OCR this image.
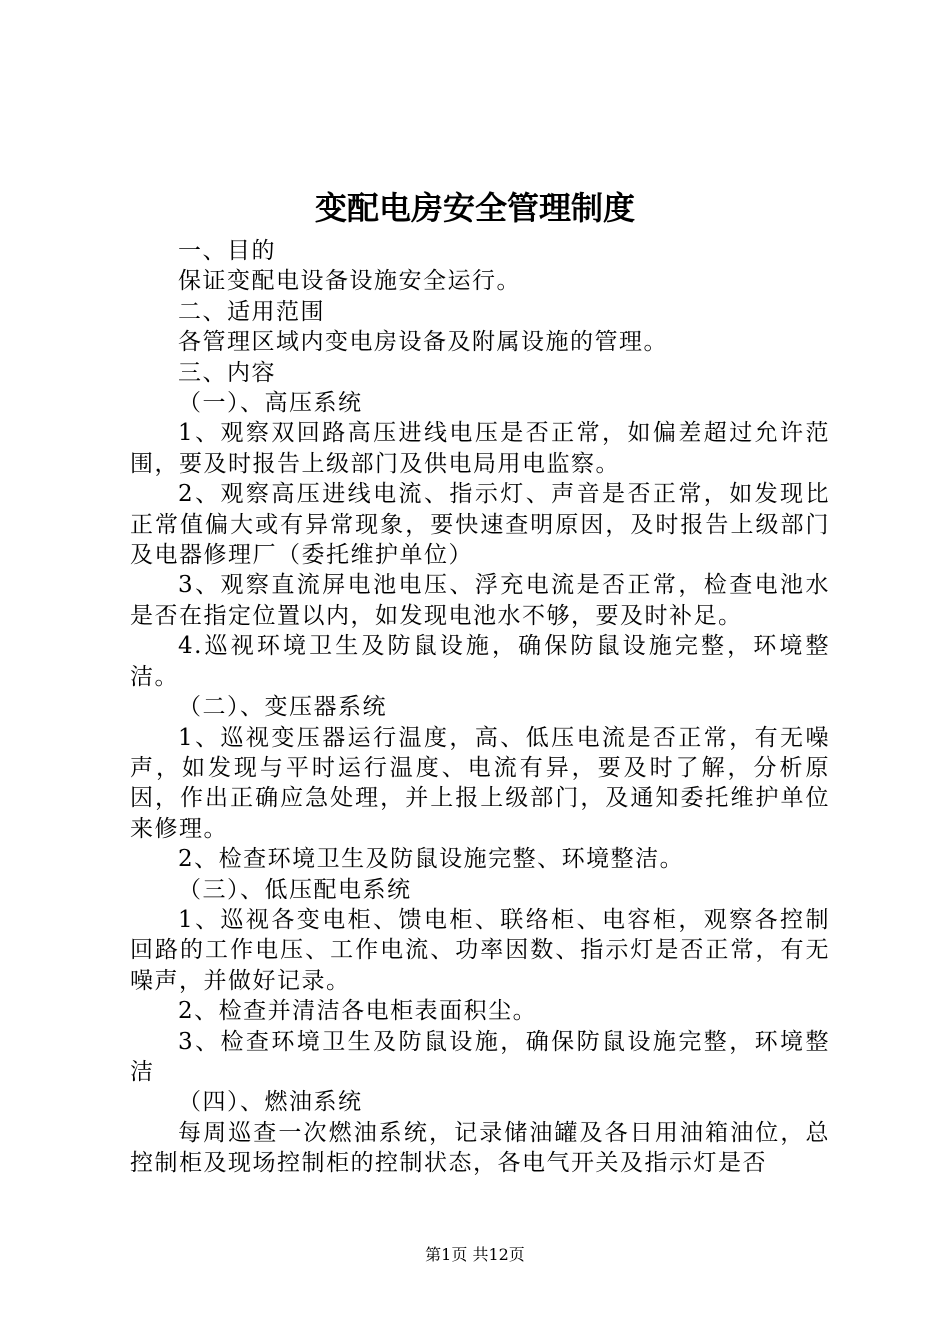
变配电房安全管理制度

一、目的

保证变配电设备设施安全运行。

二、适用范围

各管理区域内变电房设备及附属设施的管理。

三、内容

（一）、高压系统

1、观察双回路高压进线电压是否正常，如偏差超过允许范围，要及时报告上级部门及供电局用电监察。

2、观察高压进线电流、指示灯、声音是否正常，如发现比正常值偏大或有异常现象，要快速查明原因，及时报告上级部门及电器修理厂（委托维护单位）

3、观察直流屏电池电压、浮充电流是否正常，检查电池水是否在指定位置以内，如发现电池水不够，要及时补足。

4.巡视环境卫生及防鼠设施，确保防鼠设施完整，环境整洁。

（二）、变压器系统

1、巡视变压器运行温度，高、低压电流是否正常，有无噪声，如发现与平时运行温度、电流有异，要及时了解，分析原因，作出正确应急处理，并上报上级部门，及通知委托维护单位来修理。

2、检查环境卫生及防鼠设施完整、环境整洁。

（三）、低压配电系统

1、巡视各变电柜、馈电柜、联络柜、电容柜，观察各控制回路的工作电压、工作电流、功率因数、指示灯是否正常，有无噪声，并做好记录。

2、检查并清洁各电柜表面积尘。

3、检查环境卫生及防鼠设施，确保防鼠设施完整，环境整洁

（四）、燃油系统

每周巡查一次燃油系统，记录储油罐及各日用油箱油位，总控制柜及现场控制柜的控制状态，各电气开关及指示灯是否

第1页 共12页
